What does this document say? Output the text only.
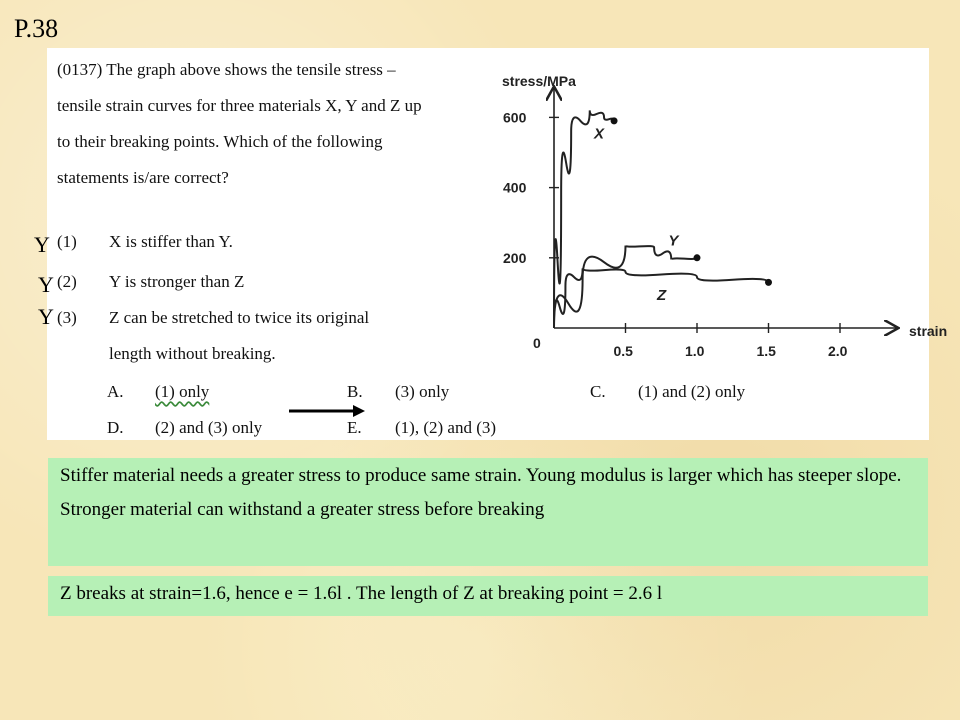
P.38
(0137) The graph above shows the tensile stress – tensile strain curves for three materials X, Y and Z up to their breaking points. Which of the following statements is/are correct?
(1) X is stiffer than Y.
(2) Y is stronger than Z
(3) Z can be stretched to twice its original
length without breaking.
A. (1) only	B. (3) only	C. (1) and (2) only
D. (2) and (3) only	E. (1), (2) and (3)
stress/MPa
strain
0
200
400
600
0.5	1.0	1.5	2.0
X
Y
Z
Y
Y
Y
Stiffer material needs a greater stress to produce same strain. Young modulus is larger which has steeper slope.
Stronger material can withstand a greater stress before breaking
Z breaks at strain=1.6, hence e = 1.6l . The length of Z at breaking point = 2.6 l
